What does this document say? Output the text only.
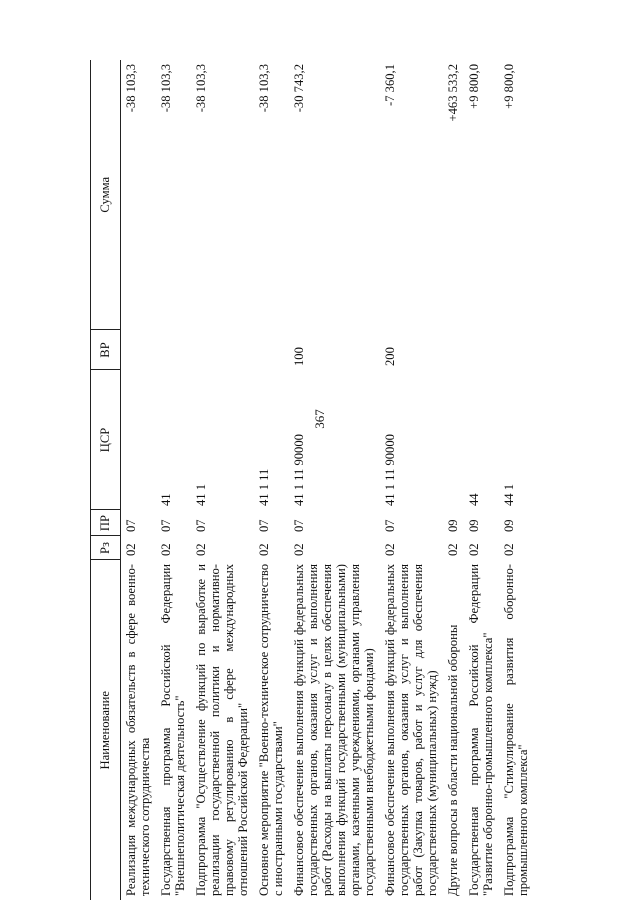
367
Наименование	Рз	ПР	ЦСР	ВР	Сумма
Реализация международных обязательств в сфере военно-технического сотрудничества	02	07			-38 103,3
Государственная программа Российской Федерации "Внешнеполитическая деятельность"	02	07	41		-38 103,3
Подпрограмма "Осуществление функций по выработке и реализации государственной политики и нормативно-правовому регулированию в сфере международных отношений Российской Федерации"	02	07	41 1		-38 103,3
Основное мероприятие "Военно-техническое сотрудничество с иностранными государствами"	02	07	41 1 11		-38 103,3
Финансовое обеспечение выполнения функций федеральных государственных органов, оказания услуг и выполнения работ (Расходы на выплаты персоналу в целях обеспечения выполнения функций государственными (муниципальными) органами, казенными учреждениями, органами управления государственными внебюджетными фондами)	02	07	41 1 11 90000	100	-30 743,2
Финансовое обеспечение выполнения функций федеральных государственных органов, оказания услуг и выполнения работ (Закупка товаров, работ и услуг для обеспечения государственных (муниципальных) нужд)	02	07	41 1 11 90000	200	-7 360,1
Другие вопросы в области национальной обороны	02	09			+463 533,2
Государственная программа Российской Федерации "Развитие оборонно-промышленного комплекса"	02	09	44		+9 800,0
Подпрограмма "Стимулирование развития оборонно-промышленного комплекса"	02	09	44 1		+9 800,0
